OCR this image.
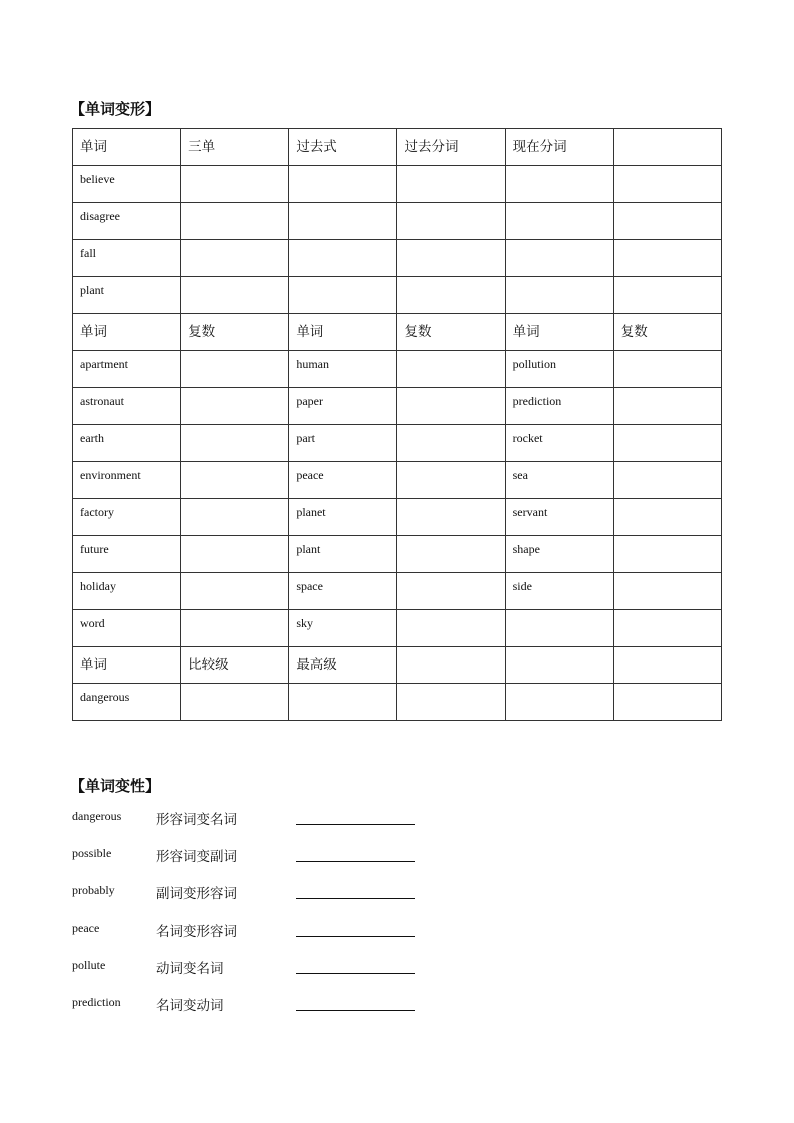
【单词变形】
单词	三单	过去式	过去分词	现在分词	
believe					
disagree					
fall					
plant					
单词	复数	单词	复数	单词	复数
apartment		human		pollution	
astronaut		paper		prediction	
earth		part		rocket	
environment		peace		sea	
factory		planet		servant	
future		plant		shape	
holiday		space		side	
word		sky			
单词	比较级	最高级			
dangerous					
【单词变性】
dangerous	形容词变名词
possible	形容词变副词
probably	副词变形容词
peace	名词变形容词
pollute	动词变名词
prediction	名词变动词
